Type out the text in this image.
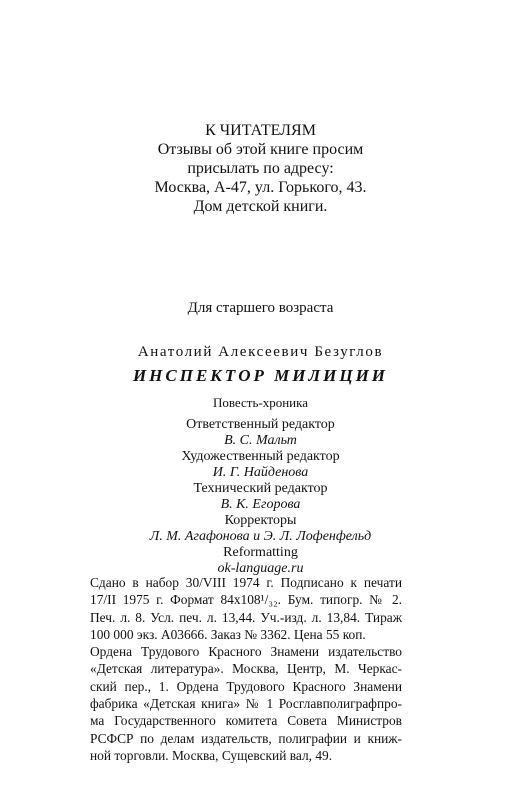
К ЧИТАТЕЛЯМ
Отзывы об этой книге просим
присылать по адресу:
Москва, А-47, ул. Горького, 43.
Дом детской книги.
Для старшего возраста
Анатолий Алексеевич Безуглов
ИНСПЕКТОР МИЛИЦИИ
Повесть-хроника
Ответственный редактор
В. С. Мальт
Художественный редактор
И. Г. Найденова
Технический редактор
В. К. Егорова
Корректоры
Л. М. Агафонова и Э. Л. Лофенфельд
Reformatting
ok-language.ru
Сдано в набор 30/VIII 1974 г. Подписано к печати
17/II 1975 г. Формат 84х108¹/₃₂. Бум. типогр. № 2.
Печ. л. 8. Усл. печ. л. 13,44. Уч.-изд. л. 13,84. Тираж
100 000 экз. А03666. Заказ № 3362. Цена 55 коп.
Ордена Трудового Красного Знамени издательство
«Детская литература». Москва, Центр, М. Черкас-
ский пер., 1. Ордена Трудового Красного Знамени
фабрика «Детская книга» № 1 Росглавполиграфпро-
ма Государственного комитета Совета Министров
РСФСР по делам издательств, полиграфии и книж-
ной торговли. Москва, Сущевский вал, 49.
